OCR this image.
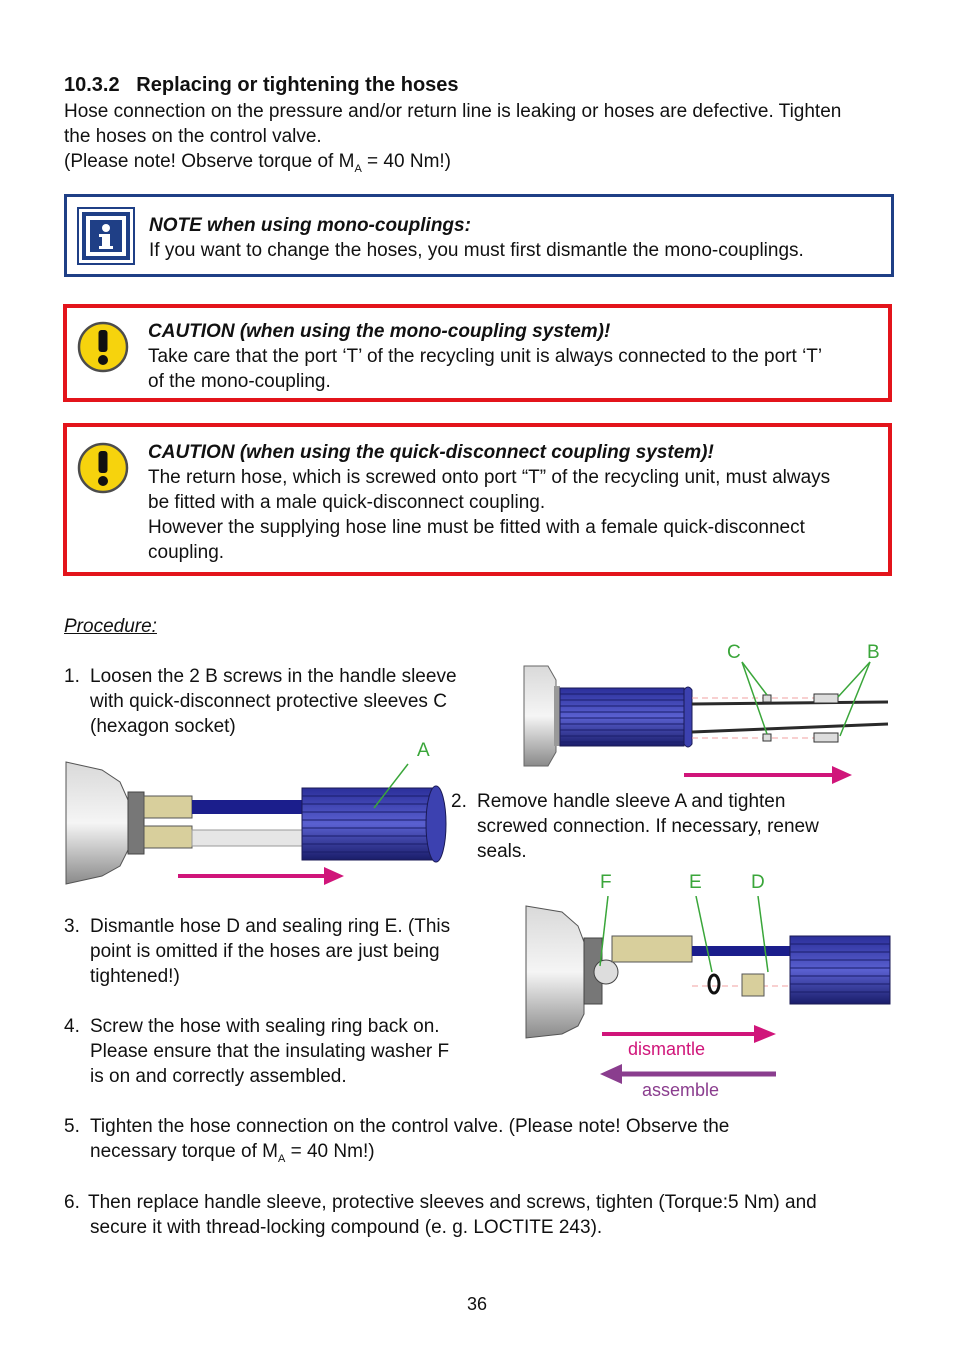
10.3.2 Replacing or tightening the hoses
Hose connection on the pressure and/or return line is leaking or hoses are defective. Tighten
the hoses on the control valve.
(Please note! Observe torque of $M_A = 40$ Nm!)
NOTE when using mono-couplings:
If you want to change the hoses, you must first dismantle the mono-couplings.
CAUTION (when using the mono-coupling system)!
Take care that the port ‘T’ of the recycling unit is always connected to the port ‘T’
of the mono-coupling.
CAUTION (when using the quick-disconnect coupling system)!
The return hose, which is screwed onto port “T” of the recycling unit, must always
be fitted with a male quick-disconnect coupling.
However the supplying hose line must be fitted with a female quick-disconnect
coupling.
Procedure:
1. Loosen the 2 B screws in the handle sleeve
with quick-disconnect protective sleeves C
(hexagon socket)
C	B
A
2. Remove handle sleeve A and tighten
screwed connection. If necessary, renew
seals.
3. Dismantle hose D and sealing ring E. (This
point is omitted if the hoses are just being
tightened!)
F	E	D
dismantle
assemble
4. Screw the hose with sealing ring back on.
Please ensure that the insulating washer F
is on and correctly assembled.
5. Tighten the hose connection on the control valve. (Please note! Observe the
necessary torque of $M_A = 40$ Nm!)
6. Then replace handle sleeve, protective sleeves and screws, tighten (Torque:5 Nm) and
secure it with thread-locking compound (e. g. LOCTITE 243).
36
